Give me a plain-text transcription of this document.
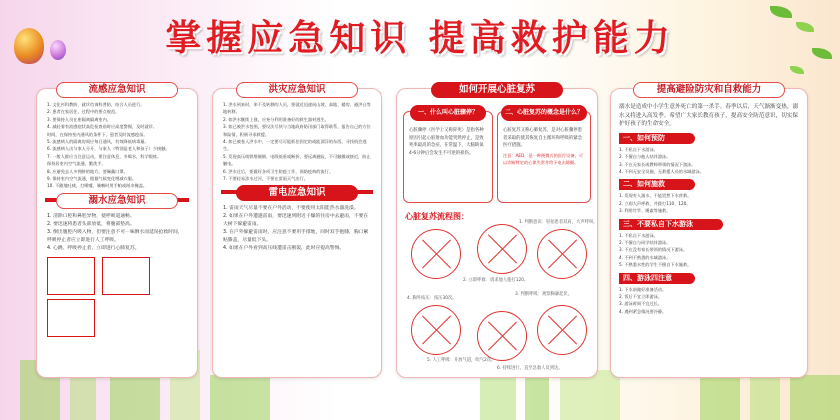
掌握应急知识 提高救护能力
流感应急知识

1. 文化衫科教防，就诊咨询科普防，结合人员进行。

2. 患者在家居住，过程中的要点规范。

3. 要保持人员在座隔离隔离室内。

4. 减轻着有流感症状高危检查前时应高度警惕，及时就诊。

时间，在保持室内通风的条件下，患者及时流感疫苗。

5. 流感病人的隔离房间应每日通风，有效降低病毒量。

6. 流感病人出与家人分开，与家人（特别是老人和孩子）少接触。

7. 一般人群应当注意运动，要注意休息，多喝水，科学锻炼。

保持居室内空气流通，勤洗手。

8. 应避免去人多拥挤的地方，要佩戴口罩。

9. 保持室内空气流通，根据气候变化增减衣服。

10. 不随地吐痰，打喷嚏、咳嗽时用手帕或纸巾掩盖。

溺水应急知识

1. 清除口腔和鼻腔异物，使呼吸道通畅。

2. 要迅速将患者头部放低，将腹部垫高。

3. 倒出腹腔内吸入物，但要注意不可一味倒水而延误抢救时间，呼吸停止者应立即进行人工呼吸。

4. 心跳、呼吸停止者，立即进行心肺复苏。

洪灾应急知识

1. 洪水到来时，来不及转移的人员，要就近迅速向山坡、高地、楼房、避洪台等地转移。

2. 如洪水继续上涨，应充分利用准备好的救生器材逃生。

3. 如已被洪水包围，要设法尽快与当地政府防汛部门取得联系，报告自己的方位和险情，积极寻求救援。

4. 如已被卷入洪水中，一定要尽可能抓住固定的或能漂浮的东西，寻找机会逃生。

5. 发现高压线铁塔倾倒、电线低垂或断折，要远离避险，不可触摸或接近，防止触电。

6. 洪水过后，要做好各项卫生防疫工作，预防疫病的流行。

7. 不要轻易涉水过河，不要在雷雨天气出行。

雷电应急知识

1. 雷雨天气尽量不要在户外活动，不要使用太阳能热水器洗澡。

2. 如果在户外遭遇雷雨，要迅速到附近干燥的住房中去避雨，不要在大树下躲避雷雨。

3. 在户外躲避雷雨时，应注意不要用手撑地，同时双手抱膝，胸口紧贴膝盖，尽量低下头。

4. 如果在户外看到高压线遭雷击断裂，此时应提高警惕。

如何开展心脏复苏
一、什么叫心脏骤停？

心脏骤停（医学上又称猝死）是指各种原因引起心脏射血功能突然停止，是致死率最高的急症，在常温下，大脑缺氧4-6分钟后会发生不可逆的损伤。

二、心脏复苏的概念是什么？

心脏复苏又称心肺复苏，是对心脏骤停患者采取的使其恢复自主循环和呼吸的紧急医疗措施。

注意：AED，是一种便携式的医疗设备，可以诊断特定的心律失常并给予电击除颤。

心脏复苏流程图：
1. 判断意识：轻拍患者双肩，大声呼叫。
2. 立即呼救：请求他人拨打120。
3. 判断呼吸：观察胸廓起伏。
4. 胸外按压：按压30次。
5. 人工呼吸：开放气道，吹气2次。
6. 持续进行，直至急救人员到达。
提高避险防灾和自救能力

溺水是造成中小学生意外死亡的第一杀手。春季以后，天气渐渐变热，溺水又将进入高发季。希望广大家长教育孩子，提高安全防范意识，切实保护好孩子的生命安全。

一、如何预防

1. 不私自下水游泳。

2. 不擅自与他人结伴游泳。

3. 不在无家长或教师带领的情况下游泳。

4. 不到无安全设施、无救援人员的水域游泳。

二、如何施救

1. 发现有人溺水，不能贸然下水营救。

2. 立即大声呼救，并拨打110、120。

3. 利用竹竿、绳索等施救。

三、不要私自下水游泳

1. 不私自下水游泳。

2. 不擅自与同学结伴游泳。

3. 不在没有家长带领的情况下游泳。

4. 不到不熟悉的水域游泳。

5. 不熟悉水性的学生不擅自下水施救。

四、游泳四注意

1. 下水前做好准备活动。

2. 饭后不宜立即游泳。

3. 游泳时间不宜过长。

4. 遇到紧急情况要冷静。
